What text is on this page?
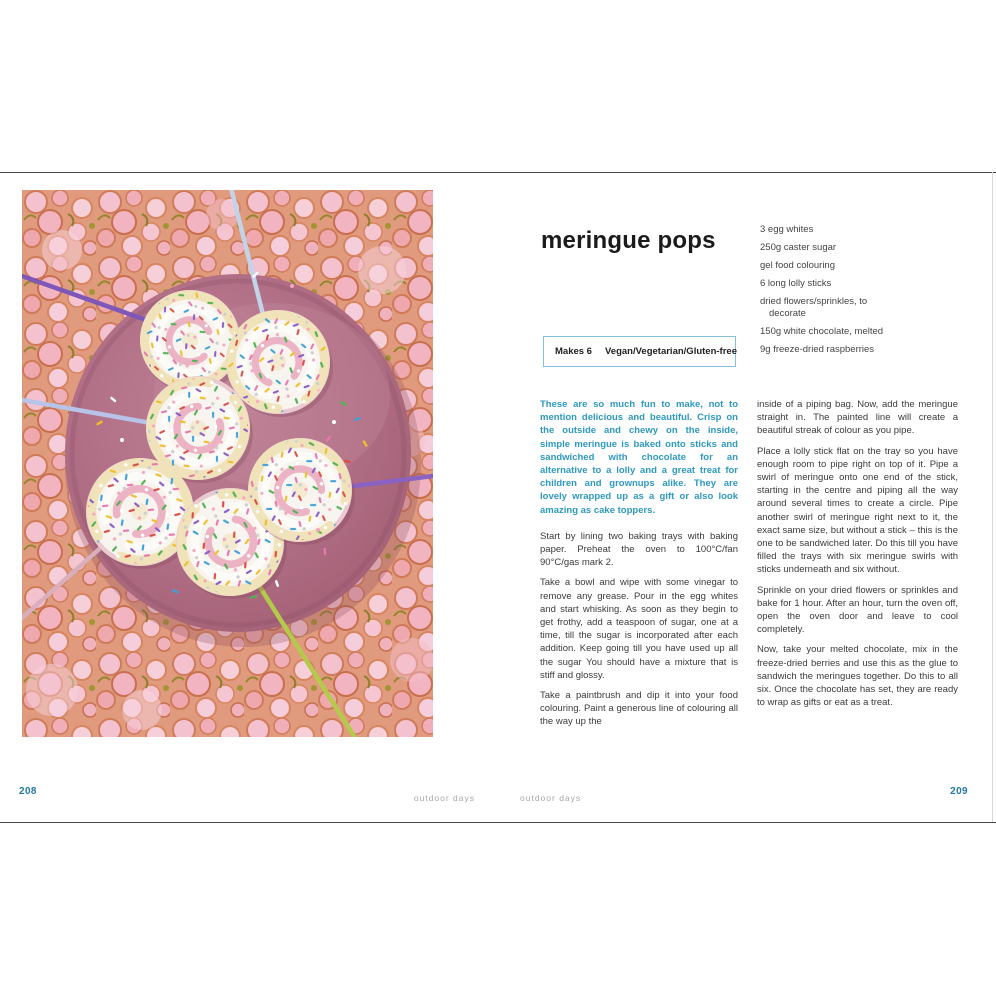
208
outdoor days	outdoor days
209
meringue pops	3 egg whites
250g caster sugar
gel food colouring
6 long lolly sticks
dried flowers/sprinkles, to decorate
150g white chocolate, melted
9g freeze-dried raspberries
Makes 6 Vegan/Vegetarian/Gluten-free

These are so much fun to make, not to mention delicious and beautiful. Crisp on the outside and chewy on the inside, simple meringue is baked onto sticks and sandwiched with chocolate for an alternative to a lolly and a great treat for children and grownups alike. They are lovely wrapped up as a gift or also look amazing as cake toppers.

Start by lining two baking trays with baking paper. Preheat the oven to 100°C/fan 90°C/gas mark 2.

Take a bowl and wipe with some vinegar to remove any grease. Pour in the egg whites and start whisking. As soon as they begin to get frothy, add a teaspoon of sugar, one at a time, till the sugar is incorporated after each addition. Keep going till you have used up all the sugar You should have a mixture that is stiff and glossy.

Take a paintbrush and dip it into your food colouring. Paint a generous line of colouring all the way up the

inside of a piping bag. Now, add the meringue straight in. The painted line will create a beautiful streak of colour as you pipe.

Place a lolly stick flat on the tray so you have enough room to pipe right on top of it. Pipe a swirl of meringue onto one end of the stick, starting in the centre and piping all the way around several times to create a circle. Pipe another swirl of meringue right next to it, the exact same size, but without a stick – this is the one to be sandwiched later. Do this till you have filled the trays with six meringue swirls with sticks underneath and six without.

Sprinkle on your dried flowers or sprinkles and bake for 1 hour. After an hour, turn the oven off, open the oven door and leave to cool completely.

Now, take your melted chocolate, mix in the freeze-dried berries and use this as the glue to sandwich the meringues together. Do this to all six. Once the chocolate has set, they are ready to wrap as gifts or eat as a treat.
